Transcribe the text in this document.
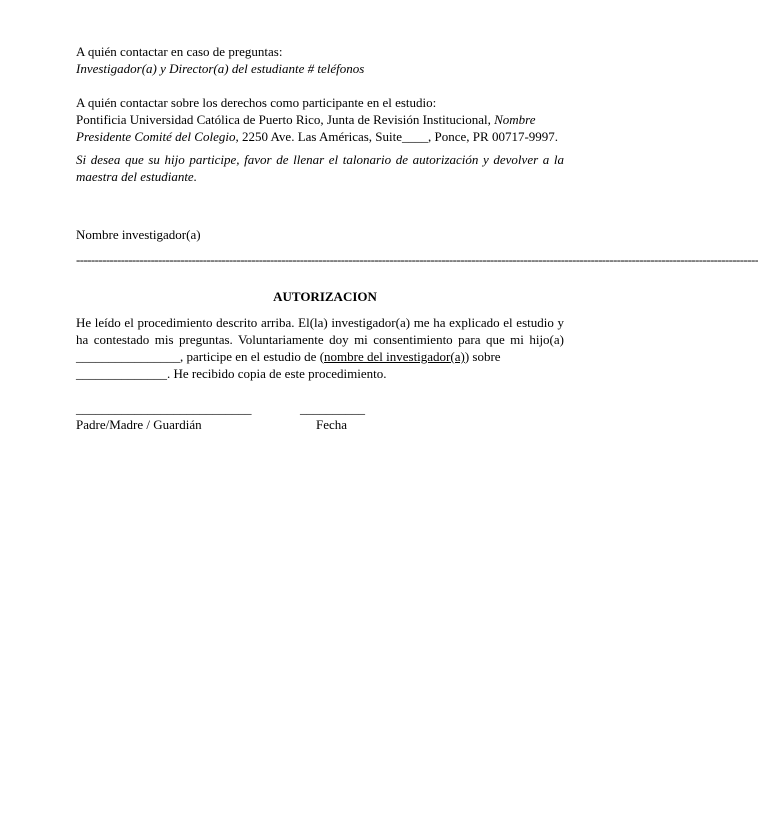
A quién contactar en caso de preguntas:
Investigador(a) y Director(a) del estudiante # teléfonos
A quién contactar sobre los derechos como participante en el estudio:
Pontificia Universidad Católica de Puerto Rico, Junta de Revisión Institucional, Nombre Presidente Comité del Colegio, 2250 Ave. Las Américas, Suite____, Ponce, PR 00717-9997.
Si desea que su hijo participe, favor de llenar el talonario de autorización y devolver a la maestra del estudiante.
Nombre investigador(a)
---------------------------------------------------------------------------------------------------------------------------------------------------------------------------------------
AUTORIZACION
He leído el procedimiento descrito arriba. El(la) investigador(a) me ha explicado el estudio y ha contestado mis preguntas. Voluntariamente doy mi consentimiento para que mi hijo(a) ________________, participe en el estudio de (nombre del investigador(a)) sobre
______________. He recibido copia de este procedimiento.
___________________________	__________
Padre/Madre / Guardián	Fecha
